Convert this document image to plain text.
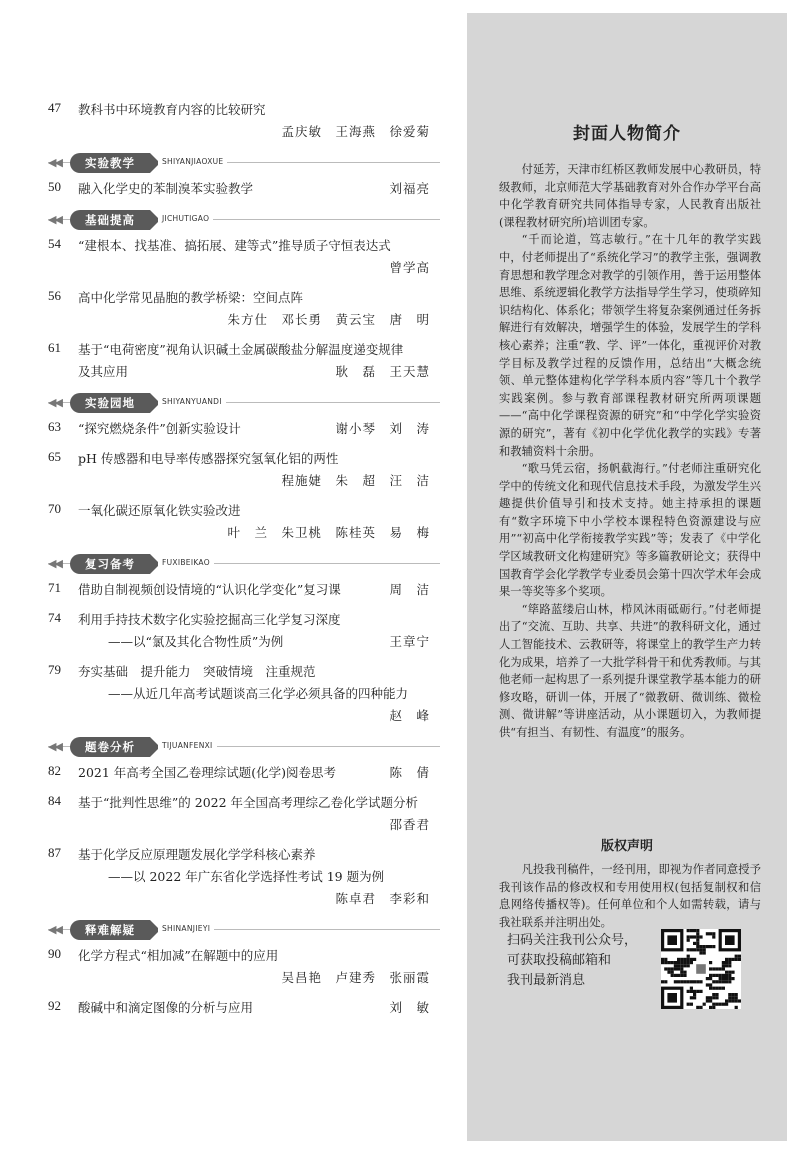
47 教科书中环境教育内容的比较研究
孟庆敏　王海燕　徐爱菊
◀◀	实验教学	SHIYANJIAOXUE
50 融入化学史的苯制溴苯实验教学	刘福亮
◀◀	基础提高	JICHUTIGAO
54 “建根本、找基准、搞拓展、建等式”推导质子守恒表达式
曾学高
56 高中化学常见晶胞的教学桥梁：空间点阵
朱方仕　邓长勇　黄云宝　唐　明
61 基于“电荷密度”视角认识碱土金属碳酸盐分解温度递变规律
及其应用	耿　磊　王天慧
◀◀	实验园地	SHIYANYUANDI
63 “探究燃烧条件”创新实验设计	谢小琴　刘　涛
65 pH 传感器和电导率传感器探究氢氧化铝的两性
程施婕　朱　超　汪　洁
70 一氧化碳还原氧化铁实验改进
叶　兰　朱卫桃　陈桂英　易　梅
◀◀	复习备考	FUXIBEIKAO
71 借助自制视频创设情境的“认识化学变化”复习课	周　洁
74 利用手持技术数字化实验挖掘高三化学复习深度
——以“氯及其化合物性质”为例	王章宁
79 夯实基础　提升能力　突破情境　注重规范
——从近几年高考试题谈高三化学必须具备的四种能力
赵　峰
◀◀	题卷分析	TIJUANFENXI
82 2021 年高考全国乙卷理综试题(化学)阅卷思考	陈　倩
84 基于“批判性思维”的 2022 年全国高考理综乙卷化学试题分析
邵香君
87 基于化学反应原理题发展化学学科核心素养
——以 2022 年广东省化学选择性考试 19 题为例
陈卓君　李彩和
◀◀	释难解疑	SHINANJIEYI
90 化学方程式“相加减”在解题中的应用
吴昌艳　卢建秀　张丽霞
92 酸碱中和滴定图像的分析与应用	刘　敏
封面人物简介

付延芳，天津市红桥区教师发展中心教研员，特级教师，北京师范大学基础教育对外合作办学平台高中化学教育研究共同体指导专家，人民教育出版社(课程教材研究所)培训团专家。

“千而论道，笃志敏行。”在十几年的教学实践中，付老师提出了“系统化学习”的教学主张，强调教育思想和教学理念对教学的引领作用，善于运用整体思维、系统逻辑化教学方法指导学生学习，使琐碎知识结构化、体系化；带领学生将复杂案例通过任务拆解进行有效解决，增强学生的体验，发展学生的学科核心素养；注重“教、学、评”一体化，重视评价对教学目标及教学过程的反馈作用，总结出“大概念统领、单元整体建构化学学科本质内容”等几十个教学实践案例。参与教育部课程教材研究所两项课题——“高中化学课程资源的研究”和“中学化学实验资源的研究”，著有《初中化学优化教学的实践》专著和教辅资料十余册。

“歌马凭云宿，扬帆截海行。”付老师注重研究化学中的传统文化和现代信息技术手段，为激发学生兴趣提供价值导引和技术支持。她主持承担的课题有“数字环境下中小学校本课程特色资源建设与应用”“初高中化学衔接教学实践”等；发表了《中学化学区域教研文化构建研究》等多篇教研论文；获得中国教育学会化学教学专业委员会第十四次学术年会成果一等奖等多个奖项。

“筚路蓝缕启山林，栉风沐雨砥砺行。”付老师提出了“交流、互助、共享、共进”的教科研文化，通过人工智能技术、云教研等，将课堂上的教学生产力转化为成果，培养了一大批学科骨干和优秀教师。与其他老师一起构思了一系列提升课堂教学基本能力的研修攻略，研训一体，开展了“微教研、微训练、微检测、微讲解”等讲座活动，从小课题切入，为教师提供“有担当、有韧性、有温度”的服务。

版权声明

凡投我刊稿件，一经刊用，即视为作者同意授予我刊该作品的修改权和专用使用权(包括复制权和信息网络传播权等)。任何单位和个人如需转载，请与我社联系并注明出处。

扫码关注我刊公众号，
可获取投稿邮箱和
我刊最新消息
